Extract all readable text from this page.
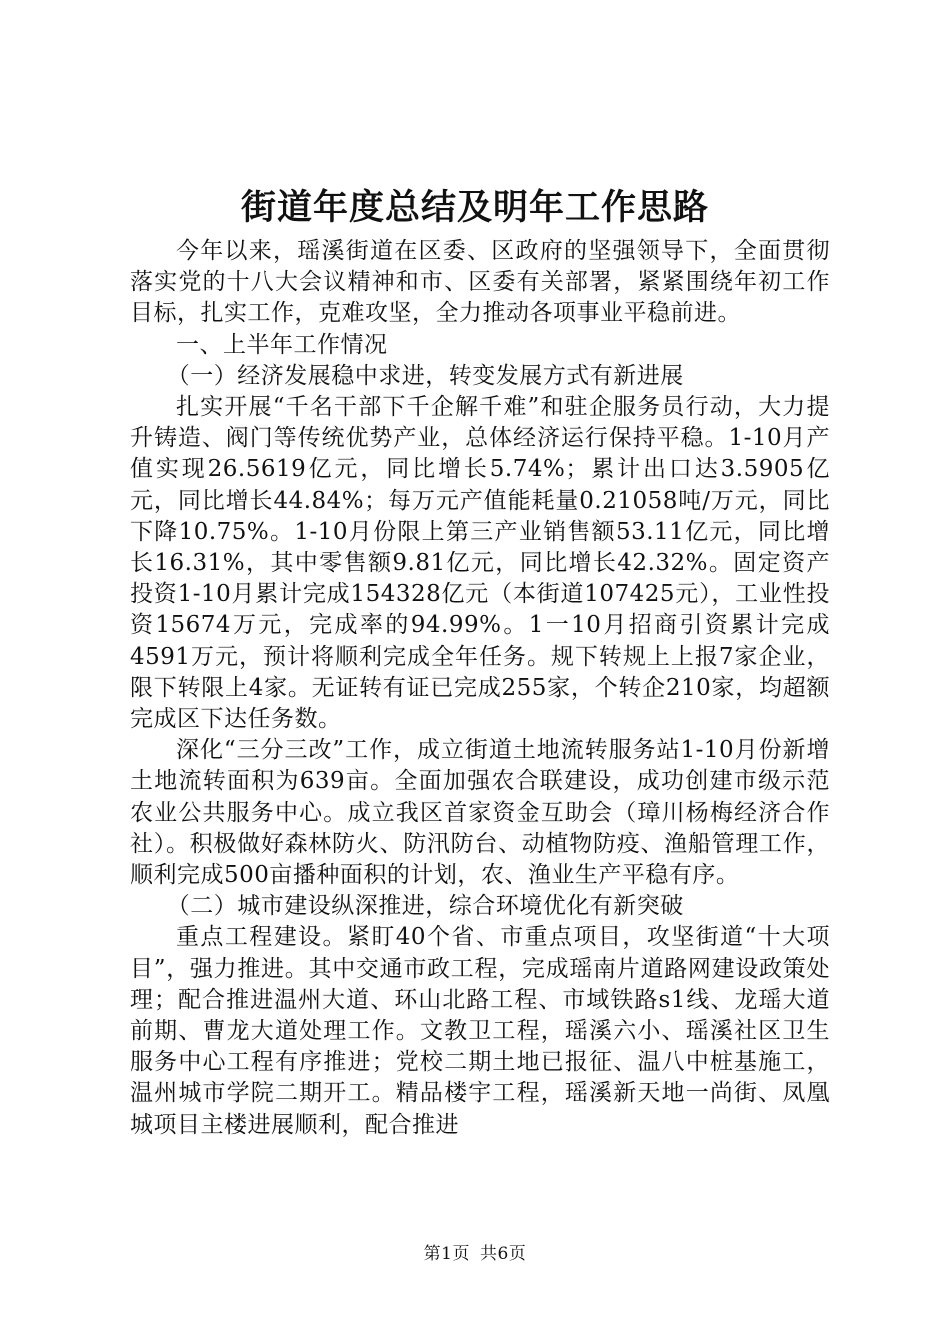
街道年度总结及明年工作思路

今年以来，瑶溪街道在区委、区政府的坚强领导下，全面贯彻落实党的十八大会议精神和市、区委有关部署，紧紧围绕年初工作目标，扎实工作，克难攻坚，全力推动各项事业平稳前进。

一、上半年工作情况

（一）经济发展稳中求进，转变发展方式有新进展

扎实开展“千名干部下千企解千难”和驻企服务员行动，大力提升铸造、阀门等传统优势产业，总体经济运行保持平稳。1-10月产值实现26.5619亿元，同比增长5.74%；累计出口达3.5905亿元，同比增长44.84%；每万元产值能耗量0.21058吨/万元，同比下降10.75%。1-10月份限上第三产业销售额53.11亿元，同比增长16.31%，其中零售额9.81亿元，同比增长42.32%。固定资产投资1-10月累计完成154328亿元（本街道107425元），工业性投资15674万元，完成率的94.99%。1一10月招商引资累计完成4591万元，预计将顺利完成全年任务。规下转规上上报7家企业，限下转限上4家。无证转有证已完成255家，个转企210家，均超额完成区下达任务数。

深化“三分三改”工作，成立街道土地流转服务站1-10月份新增土地流转面积为639亩。全面加强农合联建设，成功创建市级示范农业公共服务中心。成立我区首家资金互助会（璋川杨梅经济合作社）。积极做好森林防火、防汛防台、动植物防疫、渔船管理工作，顺利完成500亩播种面积的计划，农、渔业生产平稳有序。

（二）城市建设纵深推进，综合环境优化有新突破

重点工程建设。紧盯40个省、市重点项目，攻坚街道“十大项目”，强力推进。其中交通市政工程，完成瑶南片道路网建设政策处理；配合推进温州大道、环山北路工程、市域铁路s1线、龙瑶大道前期、曹龙大道处理工作。文教卫工程，瑶溪六小、瑶溪社区卫生服务中心工程有序推进；党校二期土地已报征、温八中桩基施工，温州城市学院二期开工。精品楼宇工程，瑶溪新天地一尚街、凤凰城项目主楼进展顺利，配合推进

第1页 共6页
